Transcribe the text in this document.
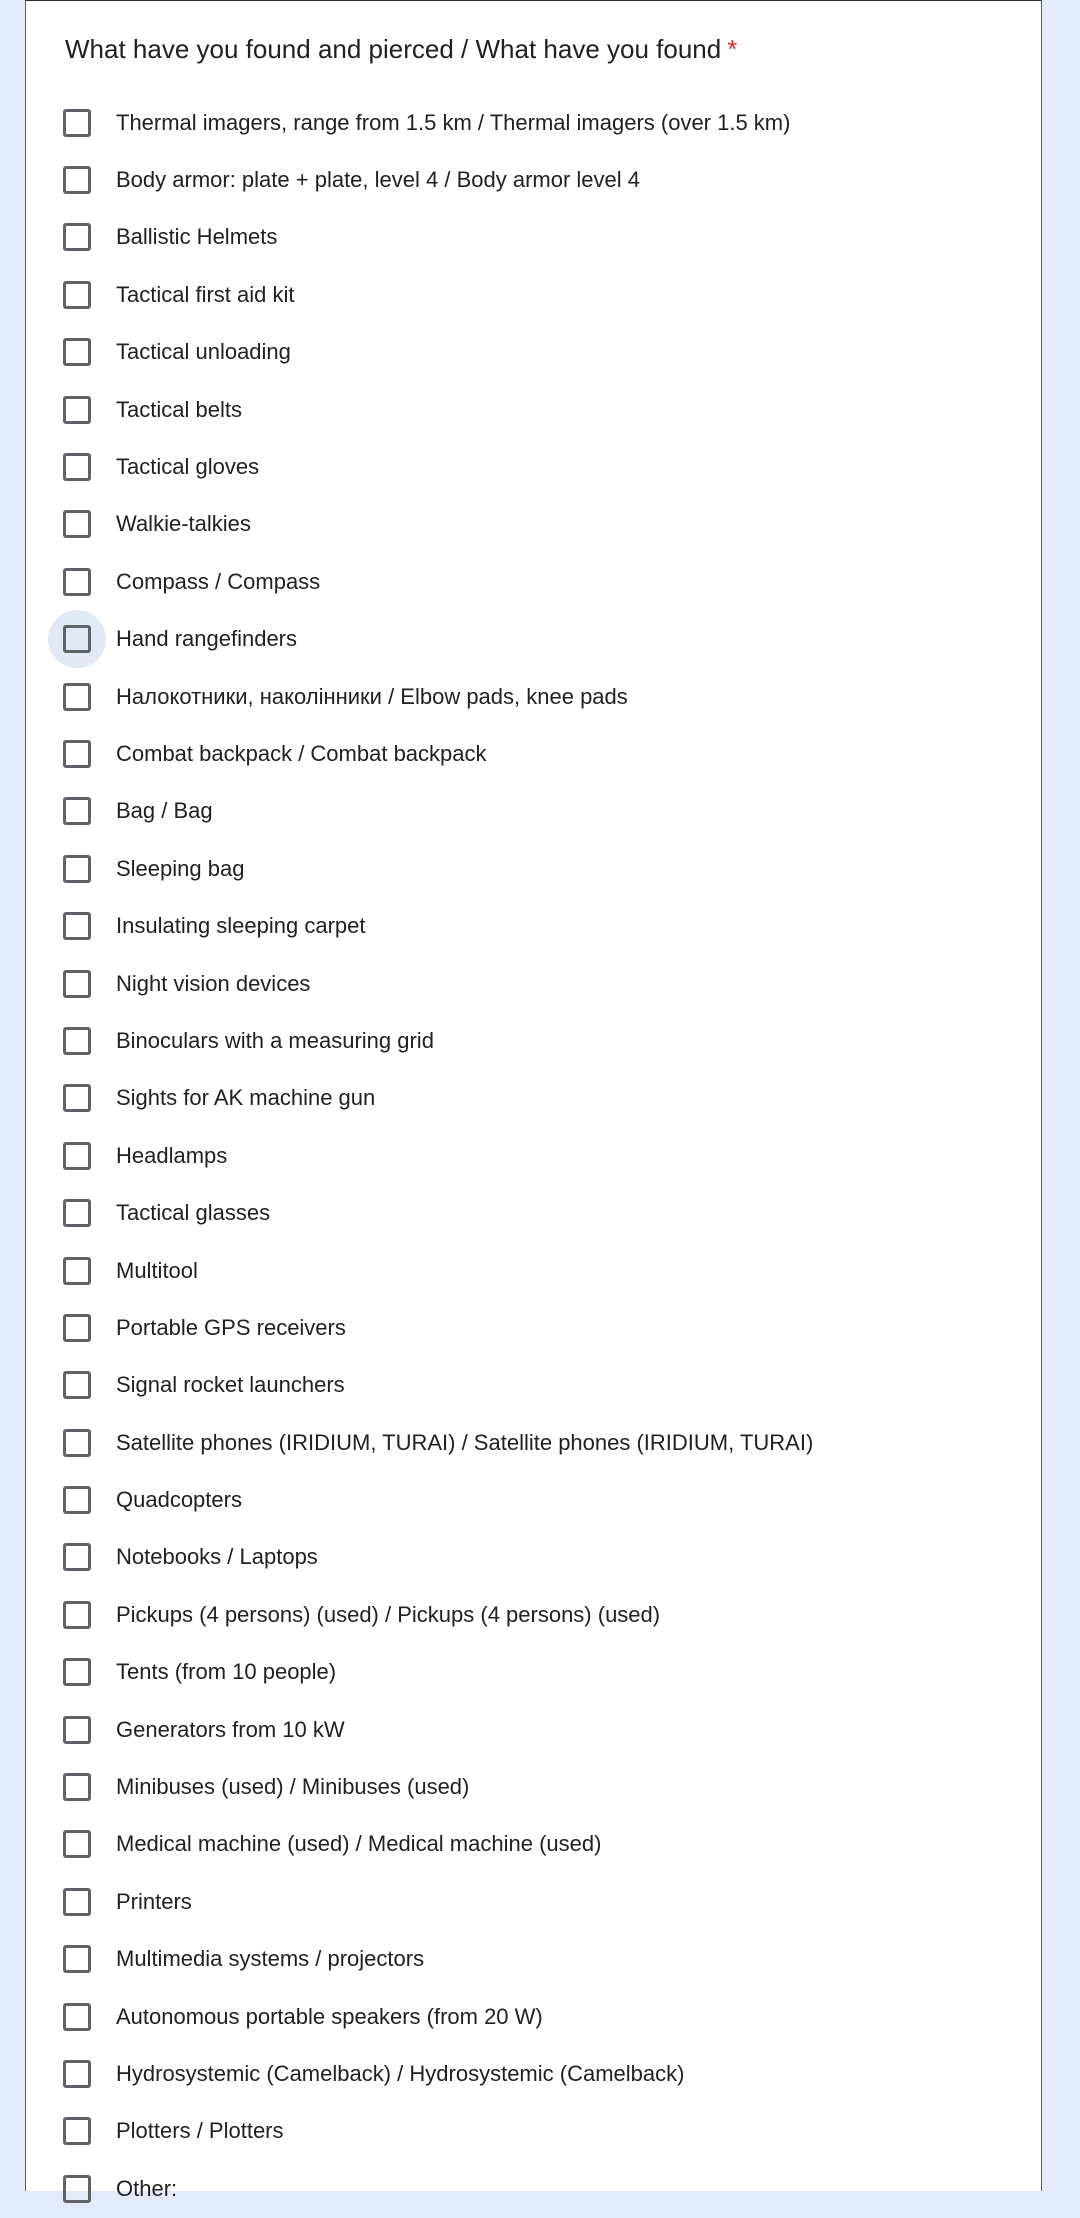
What have you found and pierced / What have you found *
Thermal imagers, range from 1.5 km / Thermal imagers (over 1.5 km)
Body armor: plate + plate, level 4 / Body armor level 4
Ballistic Helmets
Tactical first aid kit
Tactical unloading
Tactical belts
Tactical gloves
Walkie-talkies
Compass / Compass
Hand rangefinders
Налокотники, наколінники / Elbow pads, knee pads
Combat backpack / Combat backpack
Bag / Bag
Sleeping bag
Insulating sleeping carpet
Night vision devices
Binoculars with a measuring grid
Sights for AK machine gun
Headlamps
Tactical glasses
Multitool
Portable GPS receivers
Signal rocket launchers
Satellite phones (IRIDIUM, TURAI) / Satellite phones (IRIDIUM, TURAI)
Quadcopters
Notebooks / Laptops
Pickups (4 persons) (used) / Pickups (4 persons) (used)
Tents (from 10 people)
Generators from 10 kW
Minibuses (used) / Minibuses (used)
Medical machine (used) / Medical machine (used)
Printers
Multimedia systems / projectors
Autonomous portable speakers (from 20 W)
Hydrosystemic (Camelback) / Hydrosystemic (Camelback)
Plotters / Plotters
Other:
